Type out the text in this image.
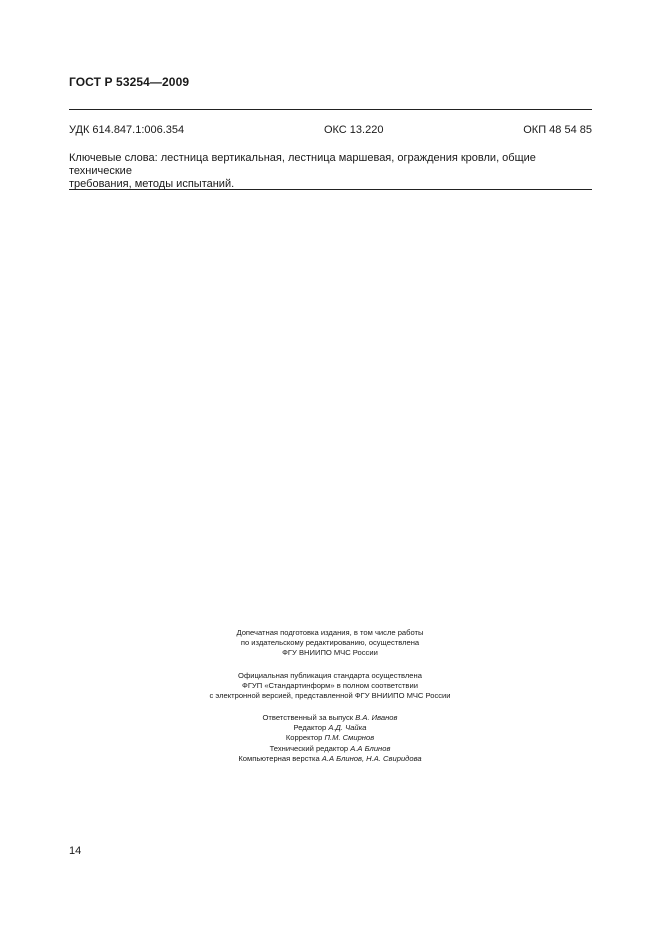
ГОСТ Р 53254—2009
УДК 614.847.1:006.354	ОКС 13.220	ОКП 48 54 85
Ключевые слова: лестница вертикальная, лестница маршевая, ограждения кровли, общие технические
требования, методы испытаний.
Допечатная подготовка издания, в том числе работы
по издательскому редактированию, осуществлена
ФГУ ВНИИПО МЧС России
Официальная публикация стандарта осуществлена
ФГУП «Стандартинформ» в полном соответствии
с электронной версией, представленной ФГУ ВНИИПО МЧС России
Ответственный за выпуск В.А. Иванов
Редактор А.Д. Чайка
Корректор П.М. Смирнов
Технический редактор А.А Блинов
Компьютерная верстка А.А Блинов, Н.А. Свиридова
14
